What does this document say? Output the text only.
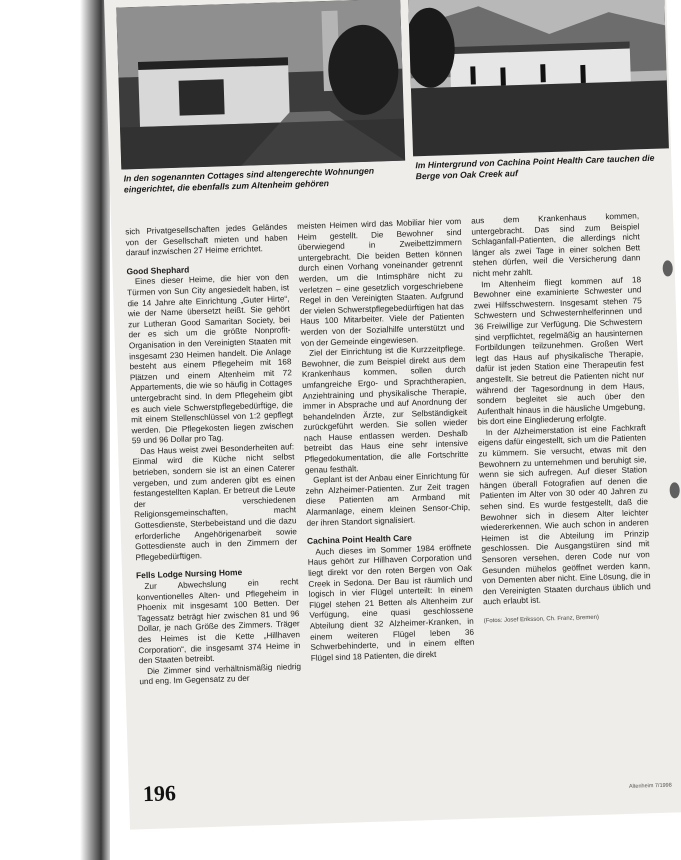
In den sogenannten Cottages sind altengerechte Wohnungen eingerichtet, die ebenfalls zum Altenheim gehören

Im Hintergrund von Cachina Point Health Care tauchen die Berge von Oak Creek auf

sich Privatgesellschaften jedes Geländes von der Gesellschaft mieten und haben darauf inzwischen 27 Heime errichtet.

Good Shephard

Eines dieser Heime, die hier von den Türmen von Sun City angesiedelt haben, ist die 14 Jahre alte Einrichtung „Guter Hirte“, wie der Name übersetzt heißt. Sie gehört zur Lutheran Good Samaritan Society, bei der es sich um die größte Nonprofit-Organisation in den Vereinigten Staaten mit insgesamt 230 Heimen handelt. Die Anlage besteht aus einem Pflegeheim mit 168 Plätzen und einem Altenheim mit 72 Appartements, die wie so häufig in Cottages untergebracht sind. In dem Pflegeheim gibt es auch viele Schwerstpflegebedürftige, die mit einem Stellenschlüssel von 1:2 gepflegt werden. Die Pflegekosten liegen zwischen 59 und 96 Dollar pro Tag.

Das Haus weist zwei Besonderheiten auf: Einmal wird die Küche nicht selbst betrieben, sondern sie ist an einen Caterer vergeben, und zum anderen gibt es einen festangestellten Kaplan. Er betreut die Leute der verschiedenen Religionsgemeinschaften, macht Gottesdienste, Sterbebeistand und die dazu erforderliche Angehörigenarbeit sowie Gottesdienste auch in den Zimmern der Pflegebedürftigen.

Fells Lodge Nursing Home

Zur Abwechslung ein recht konventionelles Alten- und Pflegeheim in Phoenix mit insgesamt 100 Betten. Der Tagessatz beträgt hier zwischen 81 und 96 Dollar, je nach Größe des Zimmers. Träger des Heimes ist die Kette „Hillhaven Corporation“, die insgesamt 374 Heime in den Staaten betreibt.

Die Zimmer sind verhältnismäßig niedrig und eng. Im Gegensatz zu der

meisten Heimen wird das Mobiliar hier vom Heim gestellt. Die Bewohner sind überwiegend in Zweibettzimmern untergebracht. Die beiden Betten können durch einen Vorhang voneinander getrennt werden, um die Intimsphäre nicht zu verletzen – eine gesetzlich vorgeschriebene Regel in den Vereinigten Staaten. Aufgrund der vielen Schwerstpflegebedürftigen hat das Haus 100 Mitarbeiter. Viele der Patienten werden von der Sozialhilfe unterstützt und von der Gemeinde eingewiesen.

Ziel der Einrichtung ist die Kurzzeitpflege. Bewohner, die zum Beispiel direkt aus dem Krankenhaus kommen, sollen durch umfangreiche Ergo- und Sprachtherapien, Anziehtraining und physikalische Therapie, immer in Absprache und auf Anordnung der behandelnden Ärzte, zur Selbständigkeit zurückgeführt werden. Sie sollen wieder nach Hause entlassen werden. Deshalb betreibt das Haus eine sehr intensive Pflegedokumentation, die alle Fortschritte genau festhält.

Geplant ist der Anbau einer Einrichtung für zehn Alzheimer-Patienten. Zur Zeit tragen diese Patienten am Armband mit Alarmanlage, einem kleinen Sensor-Chip, der ihren Standort signalisiert.

Cachina Point Health Care

Auch dieses im Sommer 1984 eröffnete Haus gehört zur Hillhaven Corporation und liegt direkt vor den roten Bergen von Oak Creek in Sedona. Der Bau ist räumlich und logisch in vier Flügel unterteilt: In einem Flügel stehen 21 Betten als Altenheim zur Verfügung, eine quasi geschlossene Abteilung dient 32 Alzheimer-Kranken, in einem weiteren Flügel leben 36 Schwerbehinderte, und in einem elften Flügel sind 18 Patienten, die direkt

aus dem Krankenhaus kommen, untergebracht. Das sind zum Beispiel Schlaganfall-Patienten, die allerdings nicht länger als zwei Tage in einer solchen Bett stehen dürfen, weil die Versicherung dann nicht mehr zahlt.

Im Altenheim fliegt kommen auf 18 Bewohner eine examinierte Schwester und zwei Hilfsschwestern. Insgesamt stehen 75 Schwestern und Schwesternhelferinnen und 36 Freiwillige zur Verfügung. Die Schwestern sind verpflichtet, regelmäßig an hausinternen Fortbildungen teilzunehmen. Großen Wert legt das Haus auf physikalische Therapie, dafür ist jeden Station eine Therapeutin fest angestellt. Sie betreut die Patienten nicht nur während der Tagesordnung in dem Haus, sondern begleitet sie auch über den Aufenthalt hinaus in die häusliche Umgebung, bis dort eine Eingliederung erfolgte.

In der Alzheimerstation ist eine Fachkraft eigens dafür eingestellt, sich um die Patienten zu kümmern. Sie versucht, etwas mit den Bewohnern zu unternehmen und beruhigt sie, wenn sie sich aufregen. Auf dieser Station hängen überall Fotografien auf denen die Patienten im Alter von 30 oder 40 Jahren zu sehen sind. Es wurde festgestellt, daß die Bewohner sich in diesem Alter leichter wiedererkennen. Wie auch schon in anderen Heimen ist die Abteilung im Prinzip geschlossen. Die Ausgangstüren sind mit Sensoren versehen, deren Code nur von Gesunden mühelos geöffnet werden kann, von Dementen aber nicht. Eine Lösung, die in den Vereinigten Staaten durchaus üblich und auch erlaubt ist.

(Fotos: Josef Eriksson, Ch. Franz, Bremen)

196	Altenheim 7/1998
